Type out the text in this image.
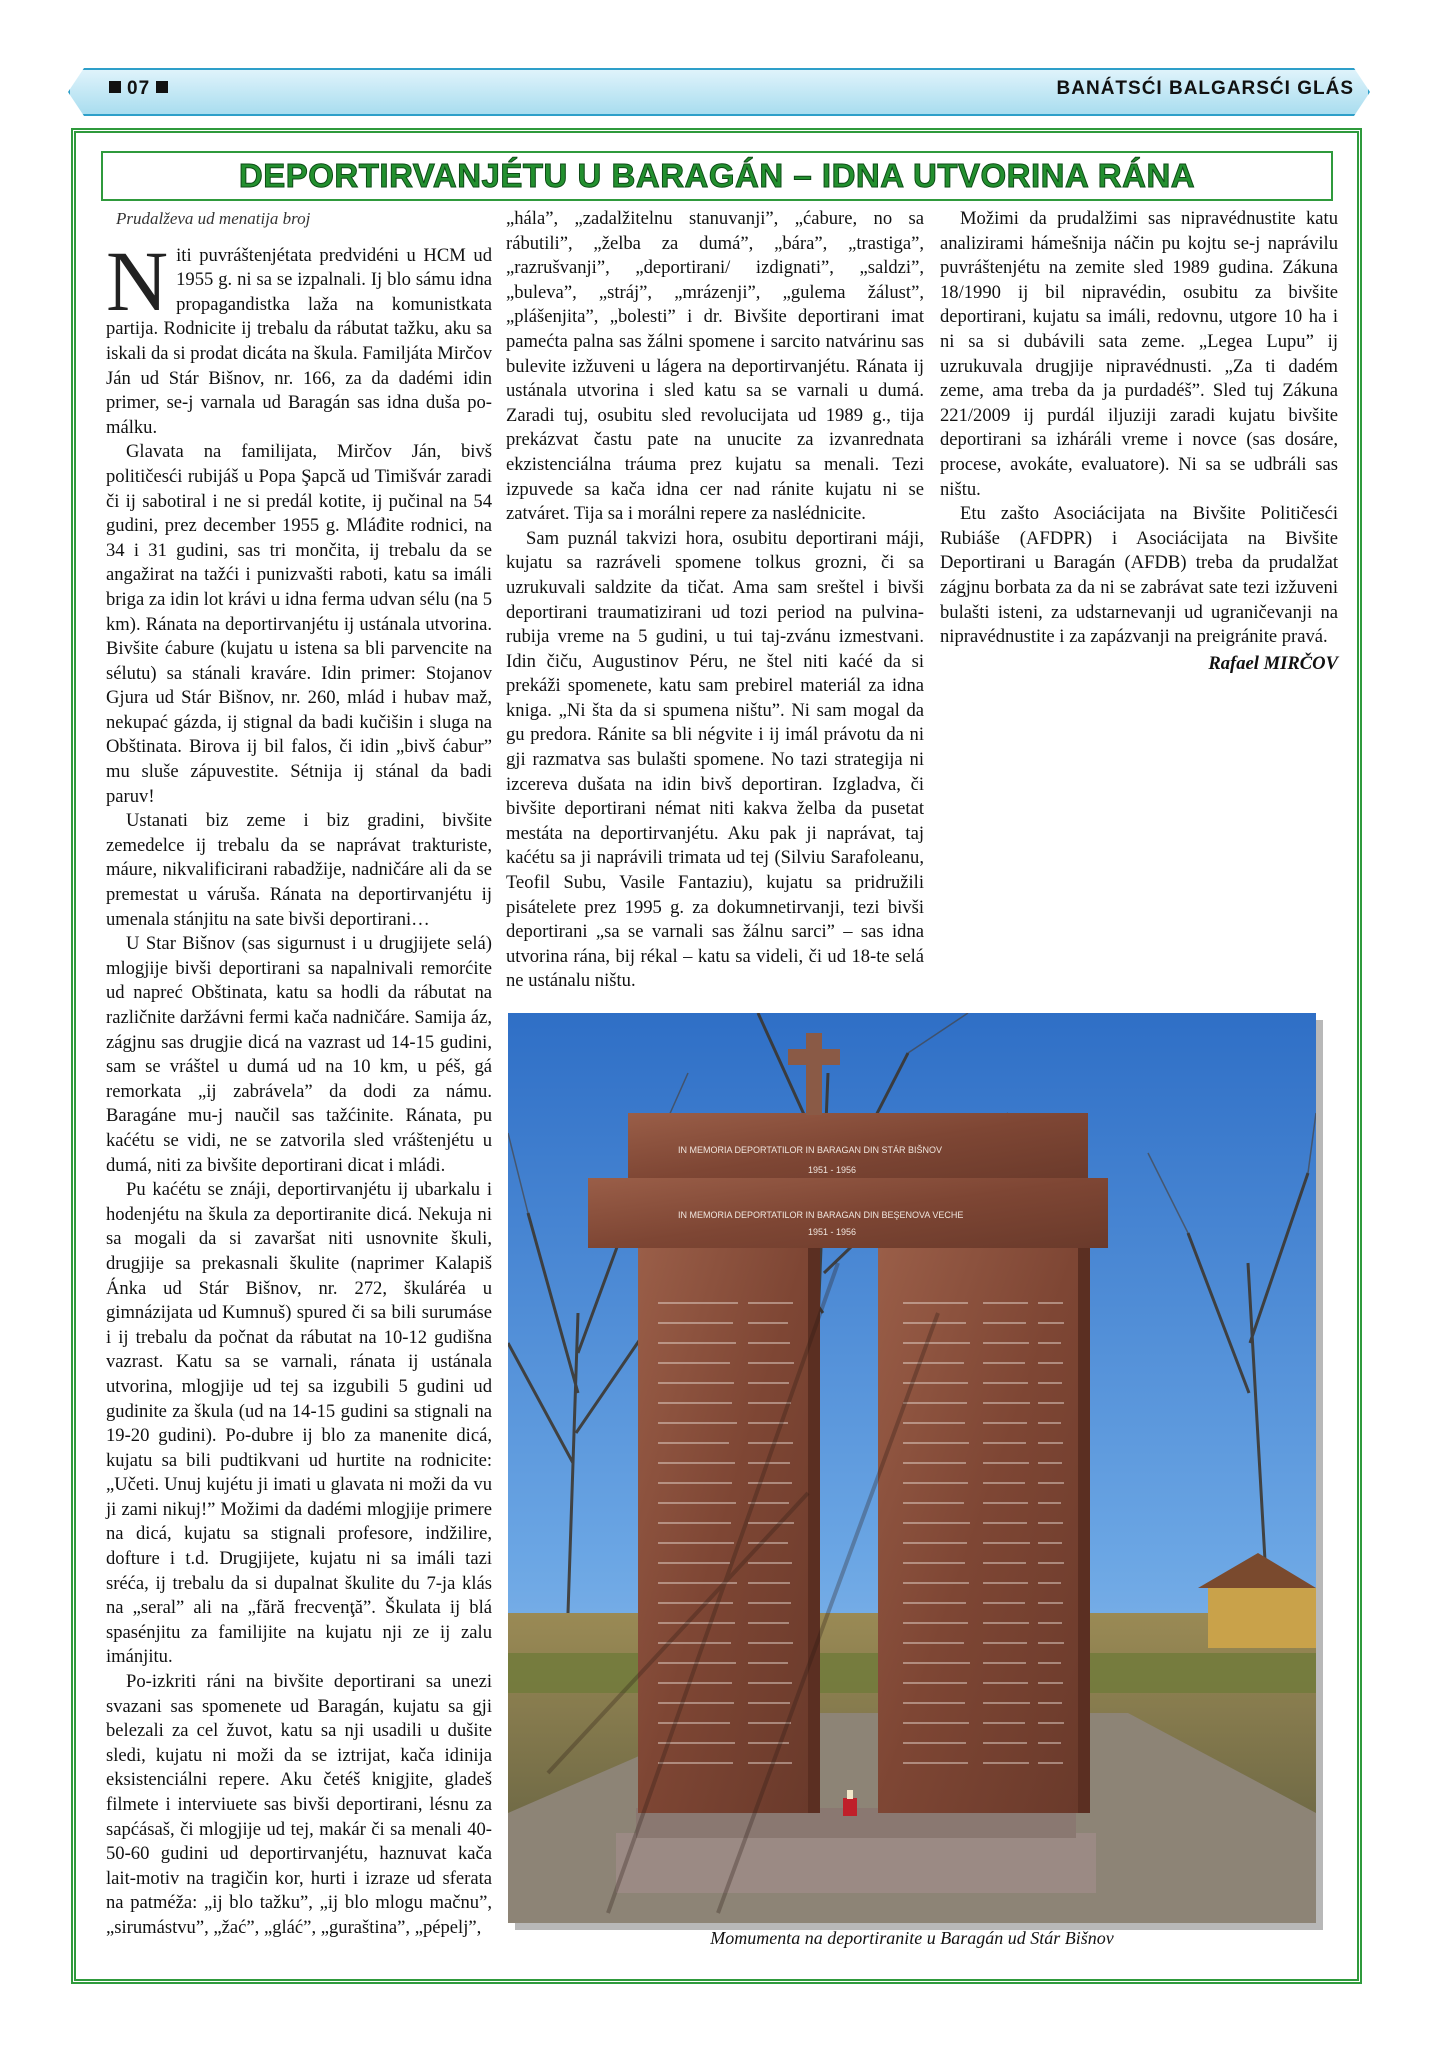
07	BANÁTSĆI BALGARSĆI GLÁS
DEPORTIRVANJÉTU U BARAGÁN – IDNA UTVORINA RÁNA

Prudalževa ud menatija broj

Niti puvráštenjétata predvidéni u HCM ud 1955 g. ni sa se izpalnali. Ij blo sámu idna propagandistka laža na komunistkata partija. Rodnicite ij trebalu da rábutat tažku, aku sa iskali da si prodat dicáta na škula. Familjáta Mirčov Ján ud Stár Bišnov, nr. 166, za da dadémi idin primer, se-j varnala ud Baragán sas idna duša po-málku.

Glavata na familijata, Mirčov Ján, bivš političesći rubijáš u Popa Şapcă ud Timišvár zaradi či ij sabotiral i ne si predál kotite, ij pučinal na 54 gudini, prez december 1955 g. Mláđite rodnici, na 34 i 31 gudini, sas tri mončita, ij trebalu da se angažirat na tažći i punizvašti raboti, katu sa imáli briga za idin lot krávi u idna ferma udvan sélu (na 5 km). Ránata na deportirvanjétu ij ustánala utvorina. Bivšite ćabure (kujatu u istena sa bli parvencite na sélutu) sa stánali kraváre. Idin primer: Stojanov Gjura ud Stár Bišnov, nr. 260, mlád i hubav maž, nekupać gázda, ij stignal da badi kučišin i sluga na Obštinata. Birova ij bil falos, či idin „bivš ćabur” mu sluše zápuvestite. Sétnija ij stánal da badi paruv!

Ustanati biz zeme i biz gradini, bivšite zemedelce ij trebalu da se naprávat trakturiste, máure, nikvalificirani rabadžije, nadničáre ali da se premestat u váruša. Ránata na deportirvanjétu ij umenala stánjitu na sate bivši deportirani…

U Star Bišnov (sas sigurnust i u drugjijete selá) mlogjije bivši deportirani sa napalnivali remorćite ud napreć Obštinata, katu sa hodli da rábutat na različnite daržávni fermi kača nadničáre. Samija áz, zágjnu sas drugjie dicá na vazrast ud 14-15 gudini, sam se vráštel u dumá ud na 10 km, u péš, gá remorkata „ij zabrávela” da dodi za námu. Baragáne mu-j naučil sas tažćinite. Ránata, pu kaćétu se vidi, ne se zatvorila sled vráštenjétu u dumá, niti za bivšite deportirani dicat i mládi.

Pu kaćétu se znáji, deportirvanjétu ij ubarkalu i hodenjétu na škula za deportiranite dicá. Nekuja ni sa mogali da si zavaršat niti usnovnite škuli, drugjije sa prekasnali škulite (naprimer Kalapiš Ánka ud Stár Bišnov, nr. 272, škuláréa u gimnázijata ud Kumnuš) spured či sa bili surumáse i ij trebalu da počnat da rábutat na 10-12 gudišna vazrast. Katu sa se varnali, ránata ij ustánala utvorina, mlogjije ud tej sa izgubili 5 gudini ud gudinite za škula (ud na 14-15 gudini sa stignali na 19-20 gudini). Po-dubre ij blo za manenite dicá, kujatu sa bili pudtikvani ud hurtite na rodnicite: „Učeti. Unuj kujétu ji imati u glavata ni moži da vu ji zami nikuj!” Možimi da dadémi mlogjije primere na dicá, kujatu sa stignali profesore, indžilire, dofture i t.d. Drugjijete, kujatu ni sa imáli tazi sréća, ij trebalu da si dupalnat škulite du 7-ja klás na „seral” ali na „fără frecvenţă”. Škulata ij blá spasénjitu za familijite na kujatu nji ze ij zalu imánjitu.

Po-izkriti ráni na bivšite deportirani sa unezi svazani sas spomenete ud Baragán, kujatu sa gji belezali za cel žuvot, katu sa nji usadili u dušite sledi, kujatu ni moži da se iztrijat, kača idinija eksistenciálni repere. Aku četéš knigjite, gladeš filmete i interviuete sas bivši deportirani, lésnu za sapćásaš, či mlogjije ud tej, makár či sa menali 40-50-60 gudini ud deportirvanjétu, haznuvat kača lait-motiv na tragičin kor, hurti i izraze ud sferata na patméža: „ij blo tažku”, „ij blo mlogu mačnu”, „sirumástvu”, „žać”, „gláć”, „guraština”, „pépelj”,

„hála”, „zadalžitelnu stanuvanji”, „ćabure, no sa rábutili”, „želba za dumá”, „bára”, „trastiga”, „razrušvanji”, „deportirani/ izdignati”, „saldzi”, „buleva”, „stráj”, „mrázenji”, „gulema žálust”, „plášenjita”, „bolesti” i dr. Bivšite deportirani imat pamećta palna sas žálni spomene i sarcito natvárinu sas bulevite izžuveni u lágera na deportirvanjétu. Ránata ij ustánala utvorina i sled katu sa se varnali u dumá. Zaradi tuj, osubitu sled revolucijata ud 1989 g., tija prekázvat častu pate na unucite za izvanrednata ekzistenciálna tráuma prez kujatu sa menali. Tezi izpuvede sa kača idna cer nad ránite kujatu ni se zatváret. Tija sa i morálni repere za naslédnicite.

Sam puznál takvizi hora, osubitu deportirani máji, kujatu sa razráveli spomene tolkus grozni, či sa uzrukuvali saldzite da tičat. Ama sam sreštel i bivši deportirani traumatizirani ud tozi period na pulvina-rubija vreme na 5 gudini, u tui taj-zvánu izmestvani. Idin čiču, Augustinov Péru, ne štel niti kaćé da si prekáži spomenete, katu sam prebirel materiál za idna kniga. „Ni šta da si spumena ništu”. Ni sam mogal da gu predora. Ránite sa bli négvite i ij imál právotu da ni gji razmatva sas bulašti spomene. No tazi strategija ni izcereva dušata na idin bivš deportiran. Izgladva, či bivšite deportirani némat niti kakva želba da pusetat mestáta na deportirvanjétu. Aku pak ji naprávat, taj kaćétu sa ji naprávili trimata ud tej (Silviu Sarafoleanu, Teofil Subu, Vasile Fantaziu), kujatu sa pridružili pisátelete prez 1995 g. za dokumnetirvanji, tezi bivši deportirani „sa se varnali sas žálnu sarci” – sas idna utvorina rána, bij rékal – katu sa videli, či ud 18-te selá ne ustánalu ništu.

Možimi da prudalžimi sas nipravédnustite katu analizirami hámešnija náčin pu kojtu se-j naprávilu puvráštenjétu na zemite sled 1989 gudina. Zákuna 18/1990 ij bil nipravédin, osubitu za bivšite deportirani, kujatu sa imáli, redovnu, utgore 10 ha i ni sa si dubávili sata zeme. „Legea Lupu” ij uzrukuvala drugjije nipravédnusti. „Za ti dadém zeme, ama treba da ja purdadéš”. Sled tuj Zákuna 221/2009 ij purdál iljuziji zaradi kujatu bivšite deportirani sa izháráli vreme i novce (sas dosáre, procese, avokáte, evaluatore). Ni sa se udbráli sas ništu.

Etu zašto Asociácijata na Bivšite Političesći Rubiáše (AFDPR) i Asociácijata na Bivšite Deportirani u Baragán (AFDB) treba da prudalžat zágjnu borbata za da ni se zabrávat sate tezi izžuveni bulašti isteni, za udstarnevanji ud ugraničevanji na nipravédnustite i za zapázvanji na preigránite pravá.

Rafael MIRČOV

IN MEMORIA DEPORTATILOR IN BARAGAN DIN STÁR BIŠNOV
1951 - 1956
IN MEMORIA DEPORTATILOR IN BARAGAN DIN BEŞENOVA VECHE
1951 - 1956
Momumenta na deportiranite u Baragán ud Stár Bišnov
